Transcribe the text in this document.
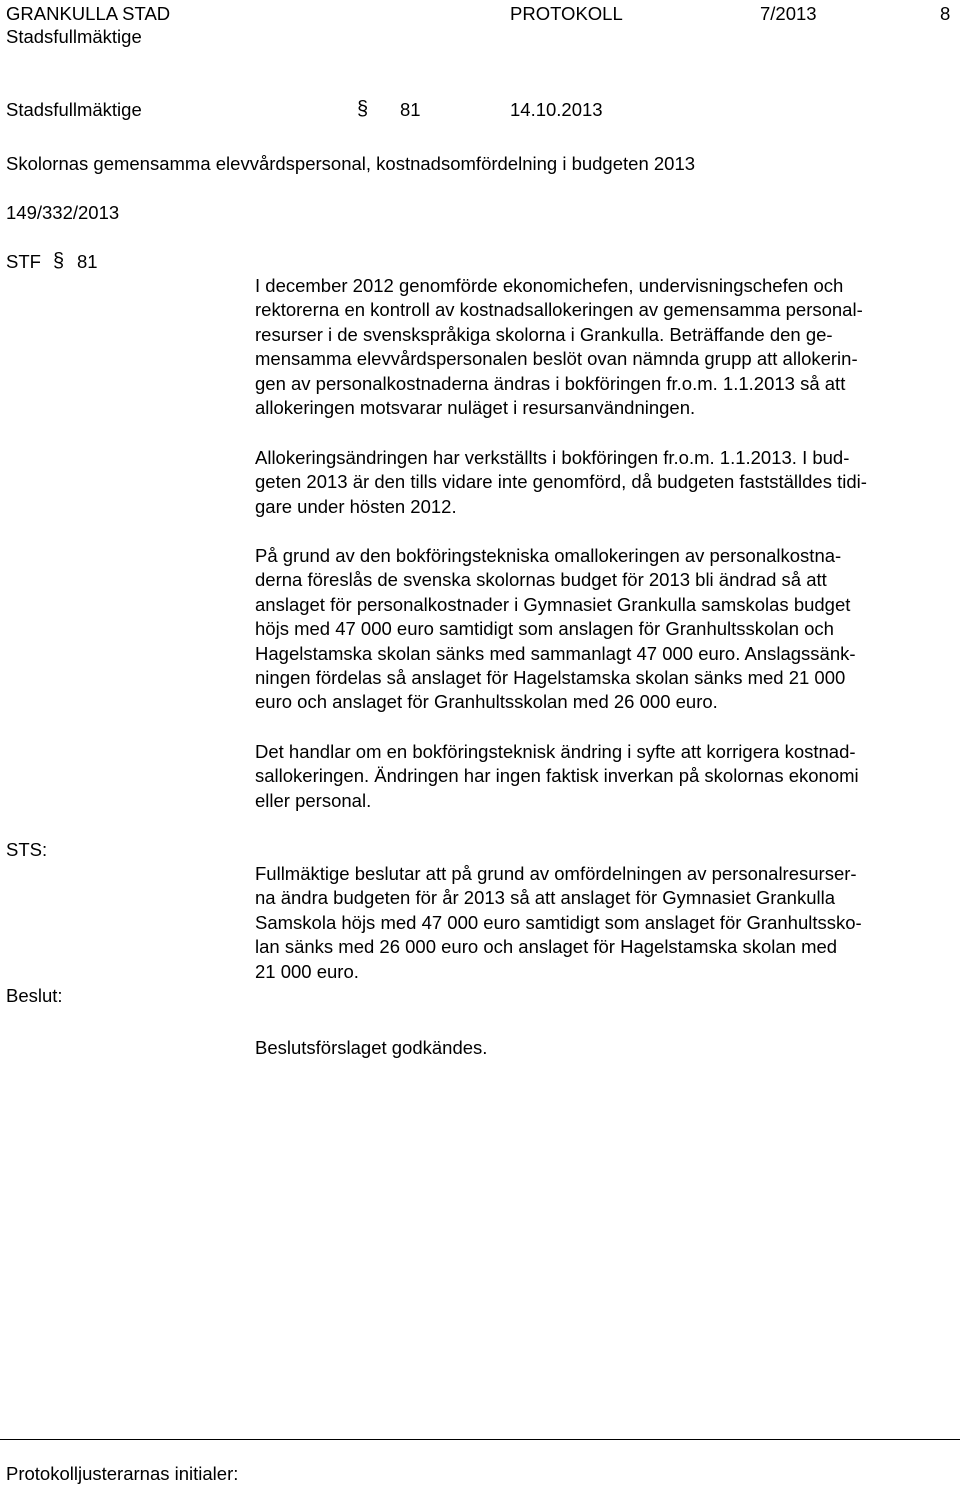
GRANKULLA STAD	PROTOKOLL	7/2013	8
Stadsfullmäktige
Stadsfullmäktige	§ 81	14.10.2013
Skolornas gemensamma elevvårdspersonal, kostnadsomfördelning i budgeten 2013
149/332/2013
STF § 81

I december 2012 genomförde ekonomichefen, undervisningschefen och

rektorerna en kontroll av kostnadsallokeringen av gemensamma personal-

resurser i de svenskspråkiga skolorna i Grankulla. Beträffande den ge-

mensamma elevvårdspersonalen beslöt ovan nämnda grupp att allokerin-

gen av personalkostnaderna ändras i bokföringen fr.o.m. 1.1.2013 så att

allokeringen motsvarar nuläget i resursanvändningen.

Allokeringsändringen har verkställts i bokföringen fr.o.m. 1.1.2013. I bud-

geten 2013 är den tills vidare inte genomförd, då budgeten fastställdes tidi-

gare under hösten 2012.

På grund av den bokföringstekniska omallokeringen av personalkostna-

derna föreslås de svenska skolornas budget för 2013 bli ändrad så att

anslaget för personalkostnader i Gymnasiet Grankulla samskolas budget

höjs med 47 000 euro samtidigt som anslagen för Granhultsskolan och

Hagelstamska skolan sänks med sammanlagt 47 000 euro. Anslagssänk-

ningen fördelas så anslaget för Hagelstamska skolan sänks med 21 000

euro och anslaget för Granhultsskolan med 26 000 euro.

Det handlar om en bokföringsteknisk ändring i syfte att korrigera kostnad-

sallokeringen. Ändringen har ingen faktisk inverkan på skolornas ekonomi

eller personal.

STS:

Fullmäktige beslutar att på grund av omfördelningen av personalresurser-

na ändra budgeten för år 2013 så att anslaget för Gymnasiet Grankulla

Samskola höjs med 47 000 euro samtidigt som anslaget för Granhultssko-

lan sänks med 26 000 euro och anslaget för Hagelstamska skolan med

21 000 euro.

Beslut:
Beslutsförslaget godkändes.
Protokolljusterarnas initialer:
